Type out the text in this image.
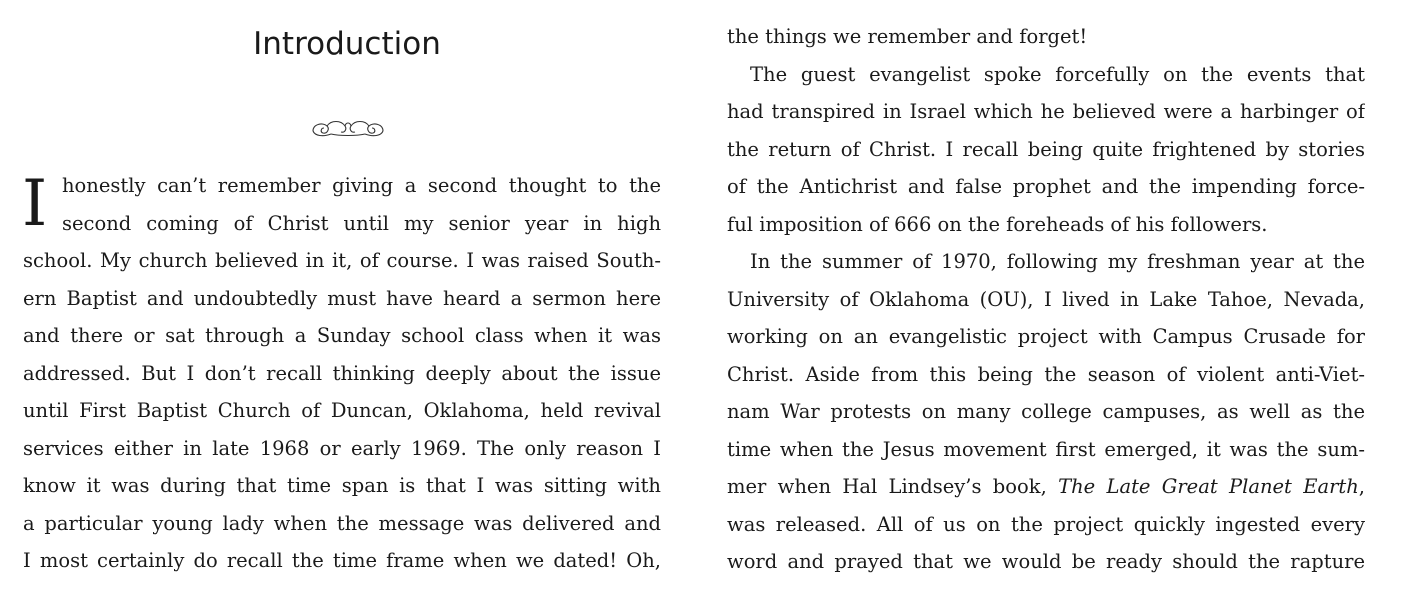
Introduction
I honestly can’t remember giving a second thought to the
second coming of Christ until my senior year in high
school. My church believed in it, of course. I was raised South-
ern Baptist and undoubtedly must have heard a sermon here
and there or sat through a Sunday school class when it was
addressed. But I don’t recall thinking deeply about the issue
until First Baptist Church of Duncan, Oklahoma, held revival
services either in late 1968 or early 1969. The only reason I
know it was during that time span is that I was sitting with
a particular young lady when the message was delivered and
I most certainly do recall the time frame when we dated! Oh,
the things we remember and forget!
The guest evangelist spoke forcefully on the events that
had transpired in Israel which he believed were a harbinger of
the return of Christ. I recall being quite frightened by stories
of the Antichrist and false prophet and the impending force-
ful imposition of 666 on the foreheads of his followers.
In the summer of 1970, following my freshman year at the
University of Oklahoma (OU), I lived in Lake Tahoe, Nevada,
working on an evangelistic project with Campus Crusade for
Christ. Aside from this being the season of violent anti-Viet-
nam War protests on many college campuses, as well as the
time when the Jesus movement first emerged, it was the sum-
mer when Hal Lindsey’s book, The Late Great Planet Earth,
was released. All of us on the project quickly ingested every
word and prayed that we would be ready should the rapture
